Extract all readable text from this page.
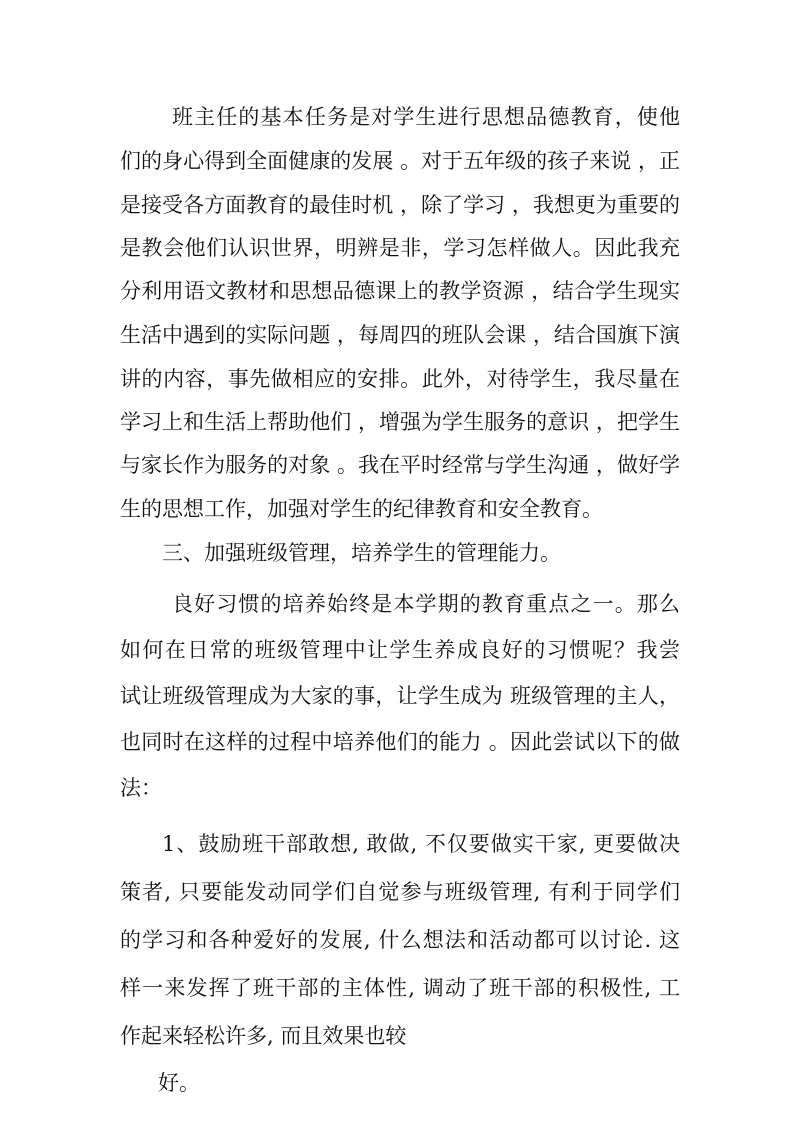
班主任的基本任务是对学生进行思想品德教育，使他
们的身心得到全面健康的发展 。对于五年级的孩子来说 ，正
是接受各方面教育的最佳时机 ，除了学习 ，我想更为重要的
是教会他们认识世界，明辨是非，学习怎样做人。因此我充
分利用语文教材和思想品德课上的教学资源 ，结合学生现实
生活中遇到的实际问题 ，每周四的班队会课 ，结合国旗下演
讲的内容，事先做相应的安排。此外，对待学生，我尽量在
学习上和生活上帮助他们 ，增强为学生服务的意识 ，把学生
与家长作为服务的对象 。我在平时经常与学生沟通 ，做好学
生的思想工作，加强对学生的纪律教育和安全教育。
三、加强班级管理，培养学生的管理能力。
良好习惯的培养始终是本学期的教育重点之一。那么
如何在日常的班级管理中让学生养成良好的习惯呢？我尝
试让班级管理成为大家的事，让学生成为 班级管理的主人，
也同时在这样的过程中培养他们的能力 。因此尝试以下的做
法：
1、鼓励班干部敢想, 敢做, 不仅要做实干家, 更要做决
策者, 只要能发动同学们自觉参与班级管理, 有利于同学们
的学习和各种爱好的发展, 什么想法和活动都可以讨论. 这
样一来发挥了班干部的主体性, 调动了班干部的积极性, 工
作起来轻松许多, 而且效果也较
好。
